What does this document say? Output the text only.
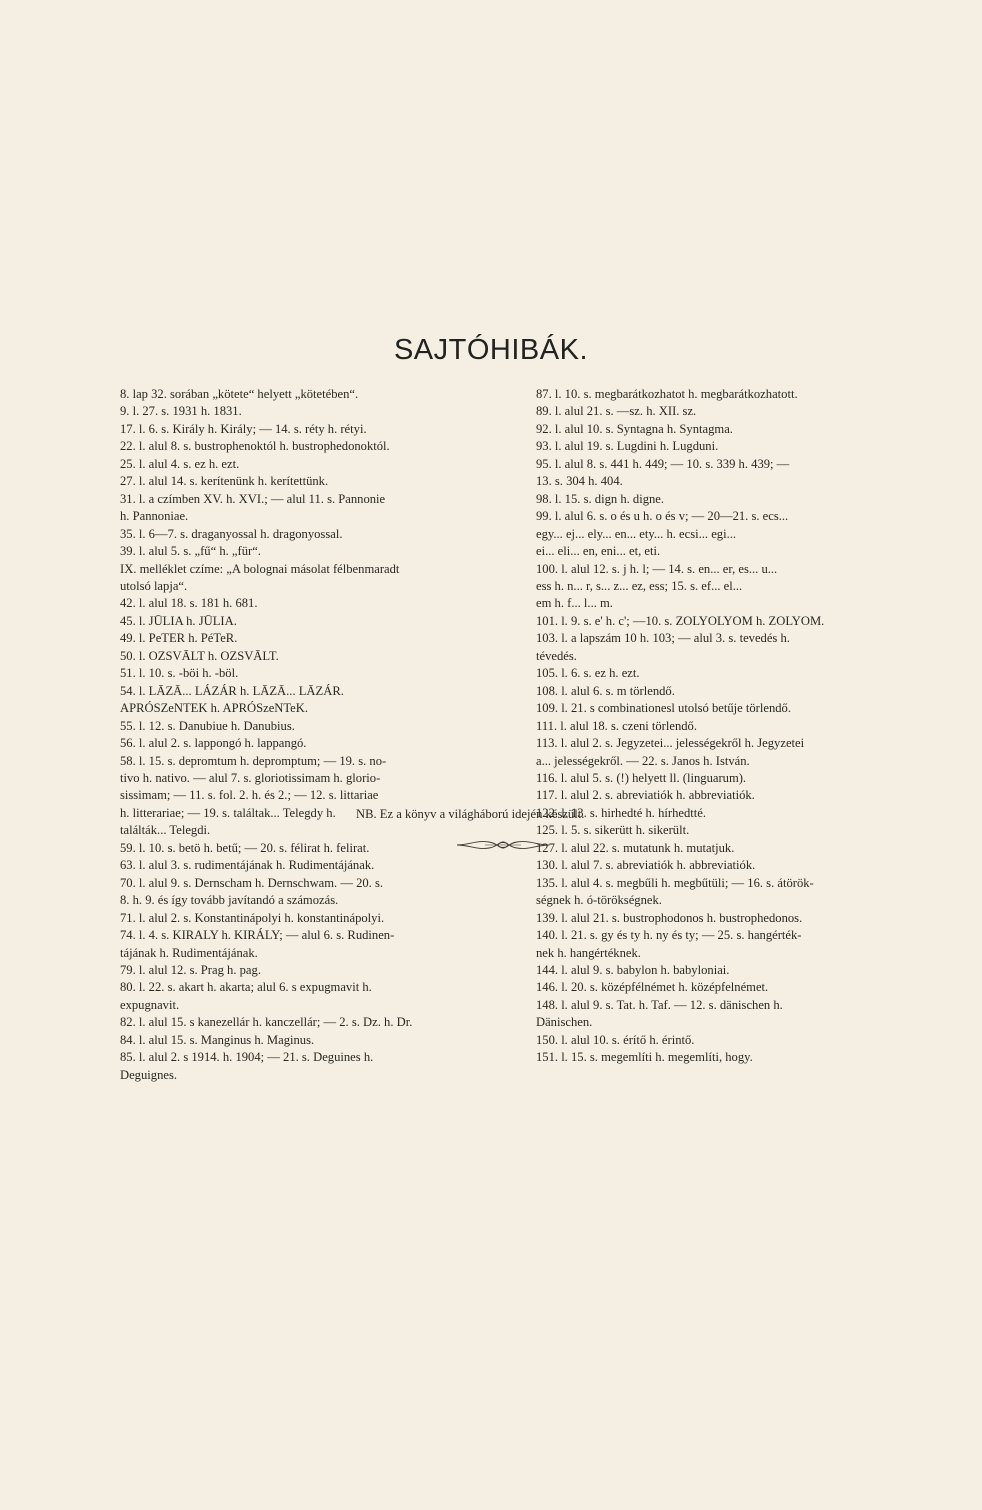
SAJTÓHIBÁK.
8. lap 32. sorában „kötete“ helyett „kötetében“.
9. l. 27. s. 1931 h. 1831.
17. l. 6. s. Király h. Király; — 14. s. réty h. rétyi.
22. l. alul 8. s. bustrophenoktól h. bustrophedonoktól.
25. l. alul 4. s. ez h. ezt.
27. l. alul 14. s. kerítenünk h. kerítettünk.
31. l. a czímben XV. h. XVI.; — alul 11. s. Pannonie
h. Pannoniae.
35. l. 6—7. s. draganyossal h. dragonyossal.
39. l. alul 5. s. „fű“ h. „für“.
IX. melléklet czíme: „A bolognai másolat félbenmaradt
utolsó lapja“.
42. l. alul 18. s. 181 h. 681.
45. l. JŪLIA h. JŪLIA.
49. l. PeTER h. PéTeR.
50. l. OZSVĀLT h. OZSVĀLT.
51. l. 10. s. -böi h. -böl.
54. l. LĀZĀ... LÁZÁR h. LĀZĀ... LĀZÁR.
APRÓSZeNTEK h. APRÓSzeNTeK.
55. l. 12. s. Danubiue h. Danubius.
56. l. alul 2. s. lappongó h. lappangó.
58. l. 15. s. depromtum h. depromptum; — 19. s. no-
tivo h. nativo. — alul 7. s. gloriotissimam h. glorio-
sissimam; — 11. s. fol. 2. h. és 2.; — 12. s. littariae
h. litterariae; — 19. s. találtak... Telegdy h.
találták... Telegdi.
59. l. 10. s. betö h. betű; — 20. s. félirat h. felirat.
63. l. alul 3. s. rudimentájának h. Rudimentájának.
70. l. alul 9. s. Dernscham h. Dernschwam. — 20. s.
8. h. 9. és így tovább javítandó a számozás.
71. l. alul 2. s. Konstantinápolyi h. konstantinápolyi.
74. l. 4. s. KIRALY h. KIRÁLY; — alul 6. s. Rudinen-
tájának h. Rudimentájának.
79. l. alul 12. s. Prag h. pag.
80. l. 22. s. akart h. akarta; alul 6. s expugmavit h.
expugnavit.
82. l. alul 15. s kanezellár h. kanczellár; — 2. s. Dz. h. Dr.
84. l. alul 15. s. Manginus h. Maginus.
85. l. alul 2. s 1914. h. 1904; — 21. s. Deguines h.
Deguignes.
87. l. 10. s. megbarátkozhatot h. megbarátkozhatott.
89. l. alul 21. s. —sz. h. XII. sz.
92. l. alul 10. s. Syntagna h. Syntagma.
93. l. alul 19. s. Lugdini h. Lugduni.
95. l. alul 8. s. 441 h. 449; — 10. s. 339 h. 439; —
13. s. 304 h. 404.
98. l. 15. s. dign h. digne.
99. l. alul 6. s. o és u h. o és v; — 20—21. s. ecs...
egy... ej... ely... en... ety... h. ecsi... egi...
ei... eli... en, eni... et, eti.
100. l. alul 12. s. j h. l; — 14. s. en... er, es... u...
ess h. n... r, s... z... ez, ess; 15. s. ef... el...
em h. f... l... m.
101. l. 9. s. e' h. c'; —10. s. ZOLYOLYOM h. ZOLYOM.
103. l. a lapszám 10 h. 103; — alul 3. s. tevedés h.
tévedés.
105. l. 6. s. ez h. ezt.
108. l. alul 6. s. m törlendő.
109. l. 21. s combinationesl utolsó betűje törlendő.
111. l. alul 18. s. czeni törlendő.
113. l. alul 2. s. Jegyzetei... jelességekről h. Jegyzetei
a... jelességekről. — 22. s. Janos h. István.
116. l. alul 5. s. (!) helyett ll. (linguarum).
117. l. alul 2. s. abreviatiók h. abbreviatiók.
122. l. 13. s. hirhedté h. hírhedtté.
125. l. 5. s. sikerütt h. sikerült.
127. l. alul 22. s. mutatunk h. mutatjuk.
130. l. alul 7. s. abreviatiók h. abbreviatiók.
135. l. alul 4. s. megbűli h. megbűtüli; — 16. s. átörök-
ségnek h. ó-törökségnek.
139. l. alul 21. s. bustrophodonos h. bustrophedonos.
140. l. 21. s. gy és ty h. ny és ty; — 25. s. hangérték-
nek h. hangértéknek.
144. l. alul 9. s. babylon h. babyloniai.
146. l. 20. s. középfélnémet h. középfelnémet.
148. l. alul 9. s. Tat. h. Taf. — 12. s. dänischen h.
Dänischen.
150. l. alul 10. s. érítő h. érintő.
151. l. 15. s. megemlíti h. megemlíti, hogy.
NB. Ez a könyv a világháború idején készült.
